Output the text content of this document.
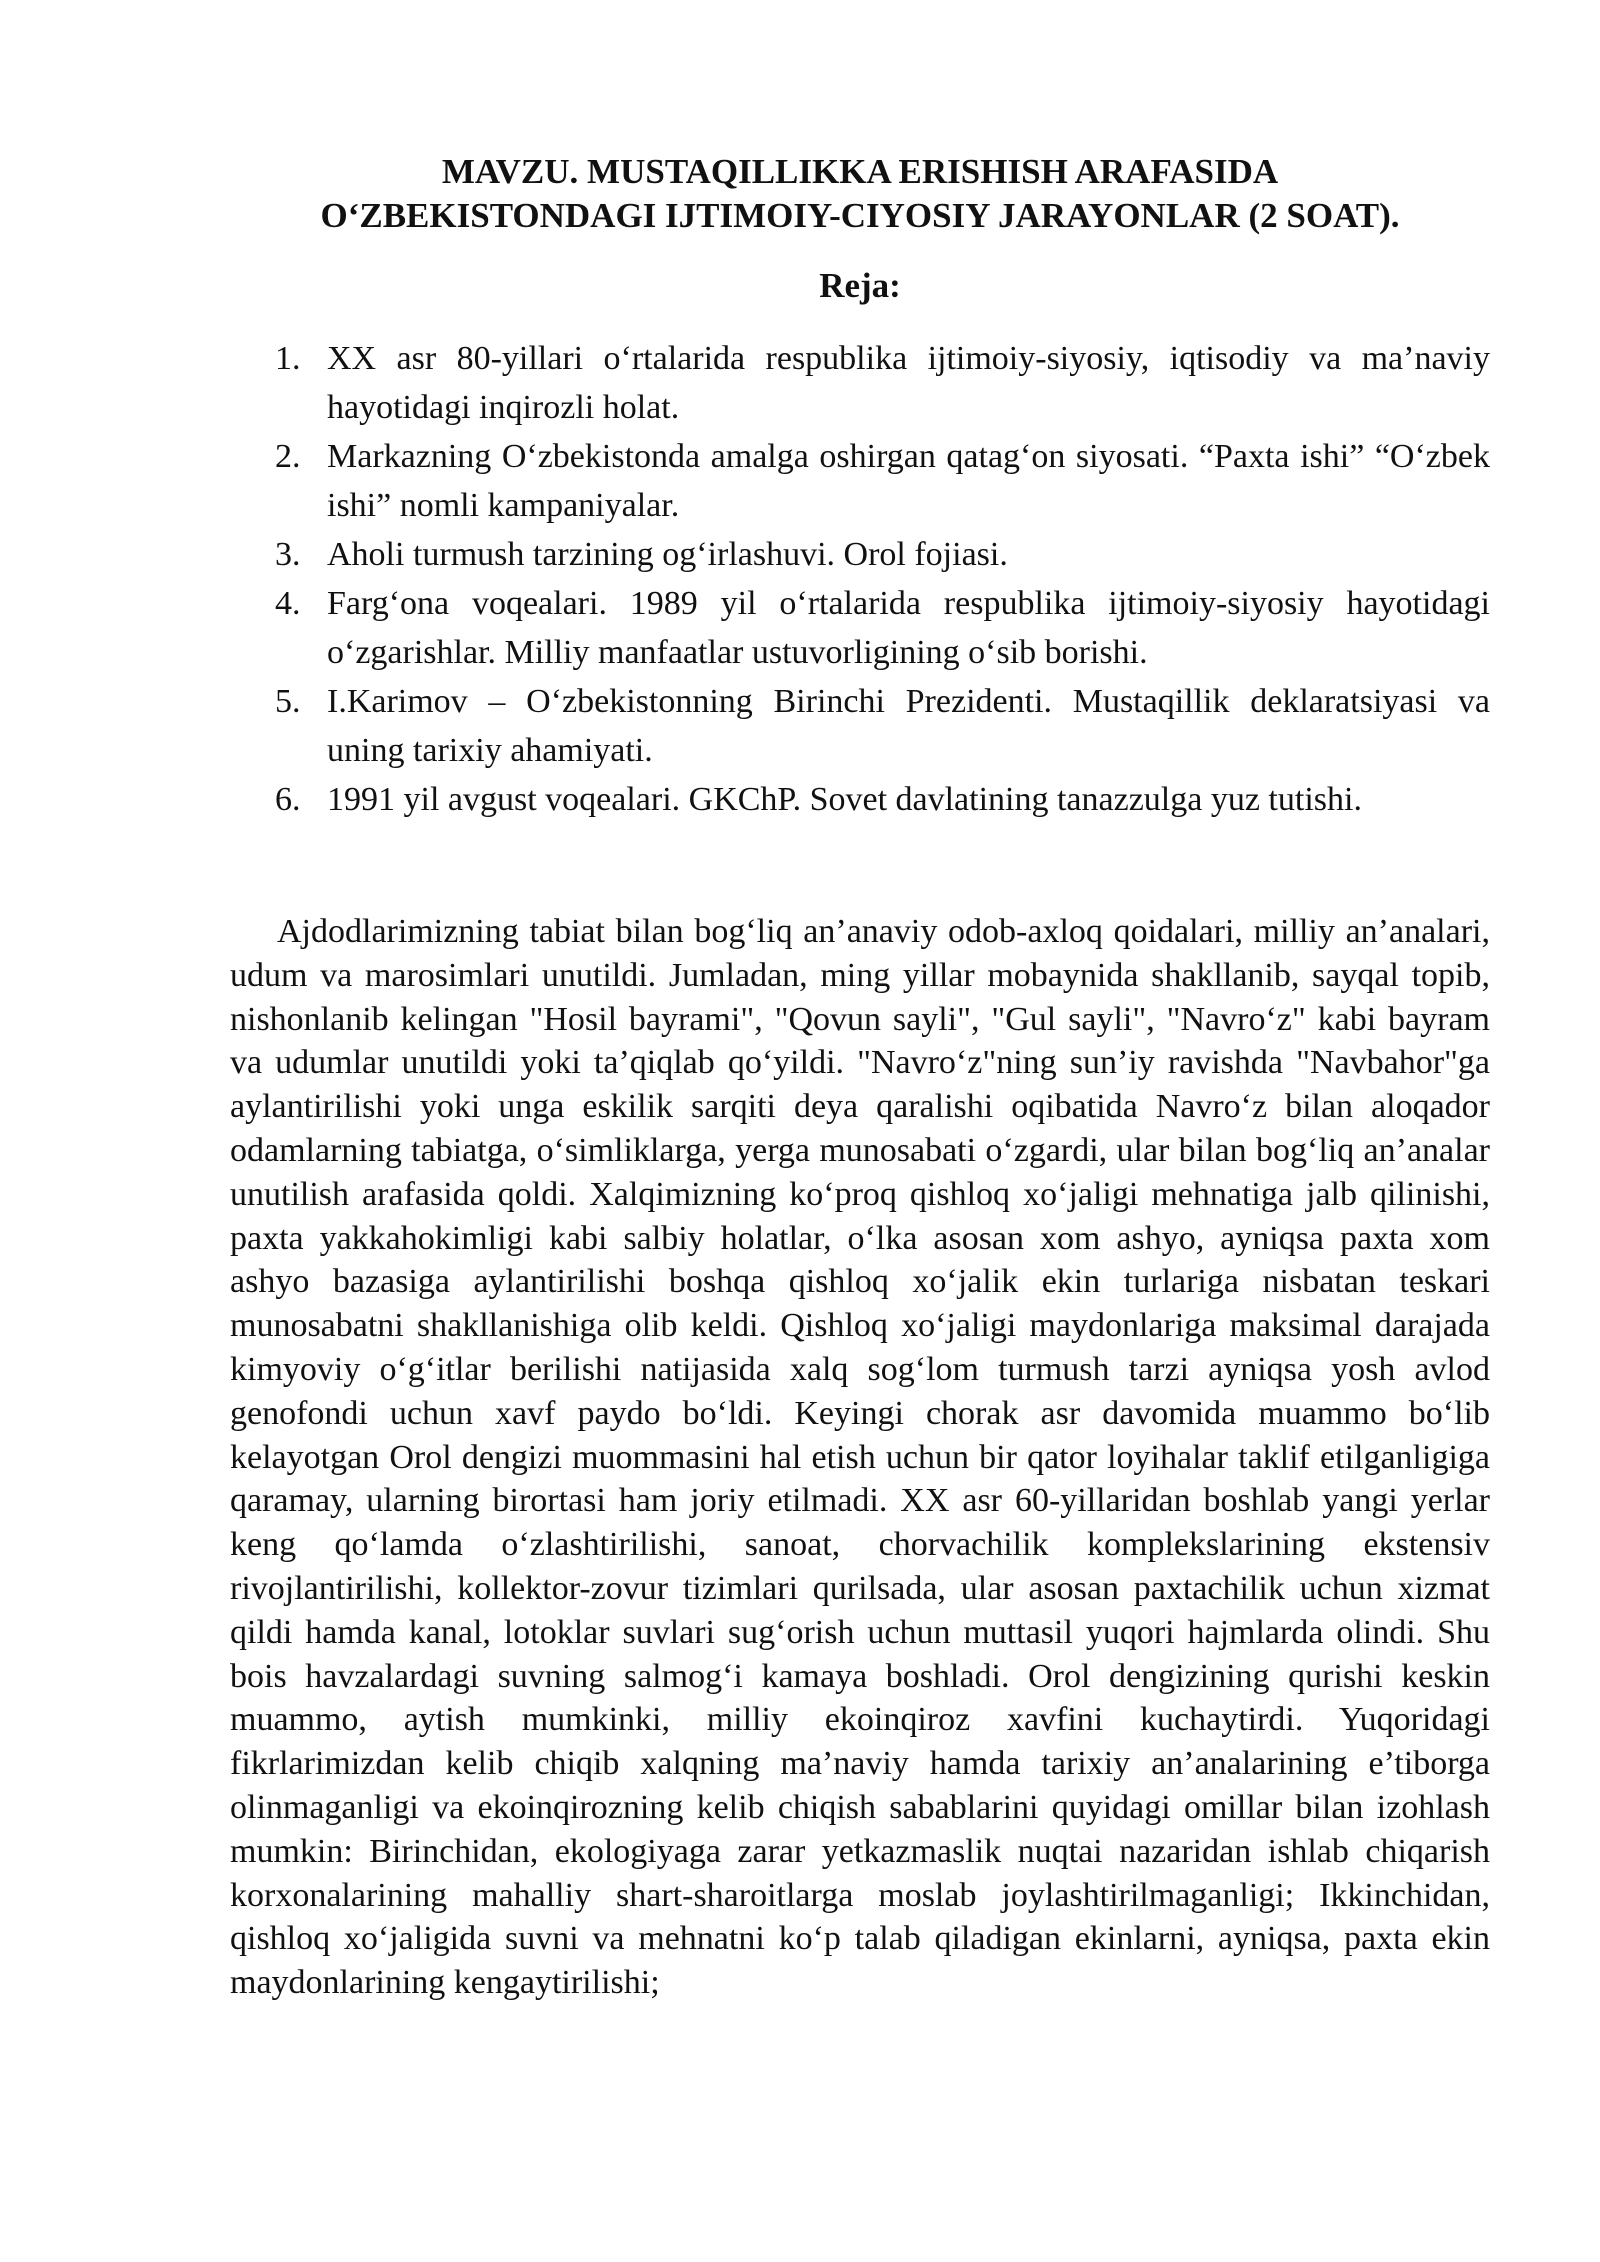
MAVZU. MUSTAQILLIKKA ERISHISH ARAFASIDA
O‘ZBEKISTONDAGI IJTIMOIY-CIYOSIY JARAYONLAR (2 SOAT).
Reja:
1. XX asr 80-yillari o‘rtalarida respublika ijtimoiy-siyosiy, iqtisodiy va ma’naviy hayotidagi inqirozli holat.
2. Markazning O‘zbekistonda amalga oshirgan qatag‘on siyosati. “Paxta ishi” “O‘zbek ishi” nomli kampaniyalar.
3. Aholi turmush tarzining og‘irlashuvi. Orol fojiasi.
4. Farg‘ona voqealari. 1989 yil o‘rtalarida respublika ijtimoiy-siyosiy hayotidagi o‘zgarishlar. Milliy manfaatlar ustuvorligining o‘sib borishi.
5. I.Karimov – O‘zbekistonning Birinchi Prezidenti. Mustaqillik deklaratsiyasi va uning tarixiy ahamiyati.
6. 1991 yil avgust voqealari. GKChP. Sovet davlatining tanazzulga yuz tutishi.

Ajdodlarimizning tabiat bilan bog‘liq an’anaviy odob-axloq qoidalari, milliy an’analari, udum va marosimlari unutildi. Jumladan, ming yillar mobaynida shakllanib, sayqal topib, nishonlanib kelingan "Hosil bayrami", "Qovun sayli", "Gul sayli", "Navro‘z" kabi bayram va udumlar unutildi yoki ta’qiqlab qo‘yildi. "Navro‘z"ning sun’iy ravishda "Navbahor"ga aylantirilishi yoki unga eskilik sarqiti deya qaralishi oqibatida Navro‘z bilan aloqador odamlarning tabiatga, o‘simliklarga, yerga munosabati o‘zgardi, ular bilan bog‘liq an’analar unutilish arafasida qoldi. Xalqimizning ko‘proq qishloq xo‘jaligi mehnatiga jalb qilinishi, paxta yakkahokimligi kabi salbiy holatlar, o‘lka asosan xom ashyo, ayniqsa paxta xom ashyo bazasiga aylantirilishi boshqa qishloq xo‘jalik ekin turlariga nisbatan teskari munosabatni shakllanishiga olib keldi. Qishloq xo‘jaligi maydonlariga maksimal darajada kimyoviy o‘g‘itlar berilishi natijasida xalq sog‘lom turmush tarzi ayniqsa yosh avlod genofondi uchun xavf paydo bo‘ldi. Keyingi chorak asr davomida muammo bo‘lib kelayotgan Orol dengizi muommasini hal etish uchun bir qator loyihalar taklif etilganligiga qaramay, ularning birortasi ham joriy etilmadi. XX asr 60-yillaridan boshlab yangi yerlar keng qo‘lamda o‘zlashtirilishi, sanoat, chorvachilik komplekslarining ekstensiv rivojlantirilishi, kollektor-zovur tizimlari qurilsada, ular asosan paxtachilik uchun xizmat qildi hamda kanal, lotoklar suvlari sug‘orish uchun muttasil yuqori hajmlarda olindi. Shu bois havzalardagi suvning salmog‘i kamaya boshladi. Orol dengizining qurishi keskin muammo, aytish mumkinki, milliy ekoinqiroz xavfini kuchaytirdi. Yuqoridagi fikrlarimizdan kelib chiqib xalqning ma’naviy hamda tarixiy an’analarining e’tiborga olinmaganligi va ekoinqirozning kelib chiqish sabablarini quyidagi omillar bilan izohlash mumkin: Birinchidan, ekologiyaga zarar yetkazmaslik nuqtai nazaridan ishlab chiqarish korxonalarining mahalliy shart-sharoitlarga moslab joylashtirilmaganligi; Ikkinchidan, qishloq xo‘jaligida suvni va mehnatni ko‘p talab qiladigan ekinlarni, ayniqsa, paxta ekin maydonlarining kengaytirilishi;
